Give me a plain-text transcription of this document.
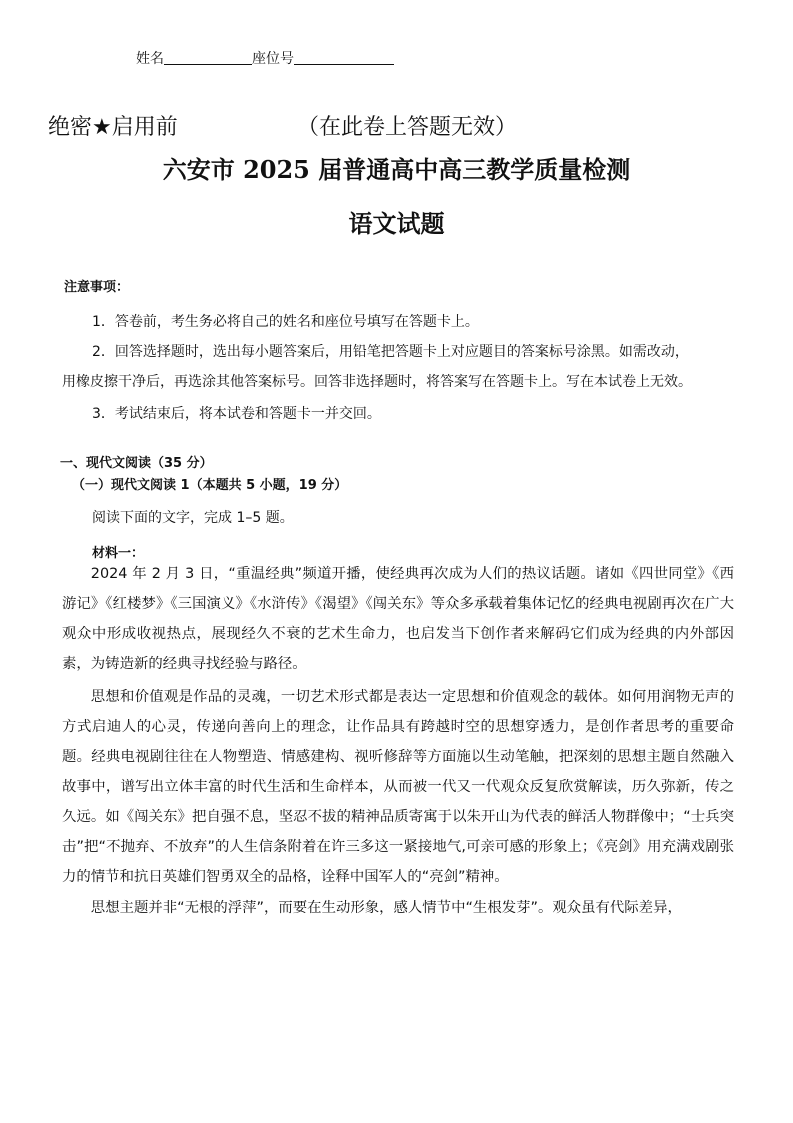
姓名	座位号
绝密★启用前	（在此卷上答题无效）
六安市 2025 届普通高中高三教学质量检测
语文试题
注意事项：
1．答卷前，考生务必将自己的姓名和座位号填写在答题卡上。
2．回答选择题时，选出每小题答案后，用铅笔把答题卡上对应题目的答案标号涂黑。如需改动，
用橡皮擦干净后，再选涂其他答案标号。回答非选择题时，将答案写在答题卡上。写在本试卷上无效。
3．考试结束后，将本试卷和答题卡一并交回。
一、现代文阅读（35 分）
（一）现代文阅读 1（本题共 5 小题，19 分）
阅读下面的文字，完成 1–5 题。
材料一：
2024 年 2 月 3 日，“重温经典”频道开播，使经典再次成为人们的热议话题。诸如《四世同堂》《西游记》《红楼梦》《三国演义》《水浒传》《渴望》《闯关东》等众多承载着集体记忆的经典电视剧再次在广大观众中形成收视热点，展现经久不衰的艺术生命力，也启发当下创作者来解码它们成为经典的内外部因素，为铸造新的经典寻找经验与路径。
思想和价值观是作品的灵魂，一切艺术形式都是表达一定思想和价值观念的载体。如何用润物无声的方式启迪人的心灵，传递向善向上的理念，让作品具有跨越时空的思想穿透力，是创作者思考的重要命题。经典电视剧往往在人物塑造、情感建构、视听修辞等方面施以生动笔触，把深刻的思想主题自然融入故事中，谱写出立体丰富的时代生活和生命样本，从而被一代又一代观众反复欣赏解读，历久弥新，传之久远。如《闯关东》把自强不息，坚忍不拔的精神品质寄寓于以朱开山为代表的鲜活人物群像中；“士兵突击”把“不抛弃、不放弃”的人生信条附着在许三多这一紧接地气,可亲可感的形象上；《亮剑》用充满戏剧张力的情节和抗日英雄们智勇双全的品格，诠释中国军人的“亮剑”精神。
思想主题并非“无根的浮萍”，而要在生动形象，感人情节中“生根发芽”。观众虽有代际差异，
